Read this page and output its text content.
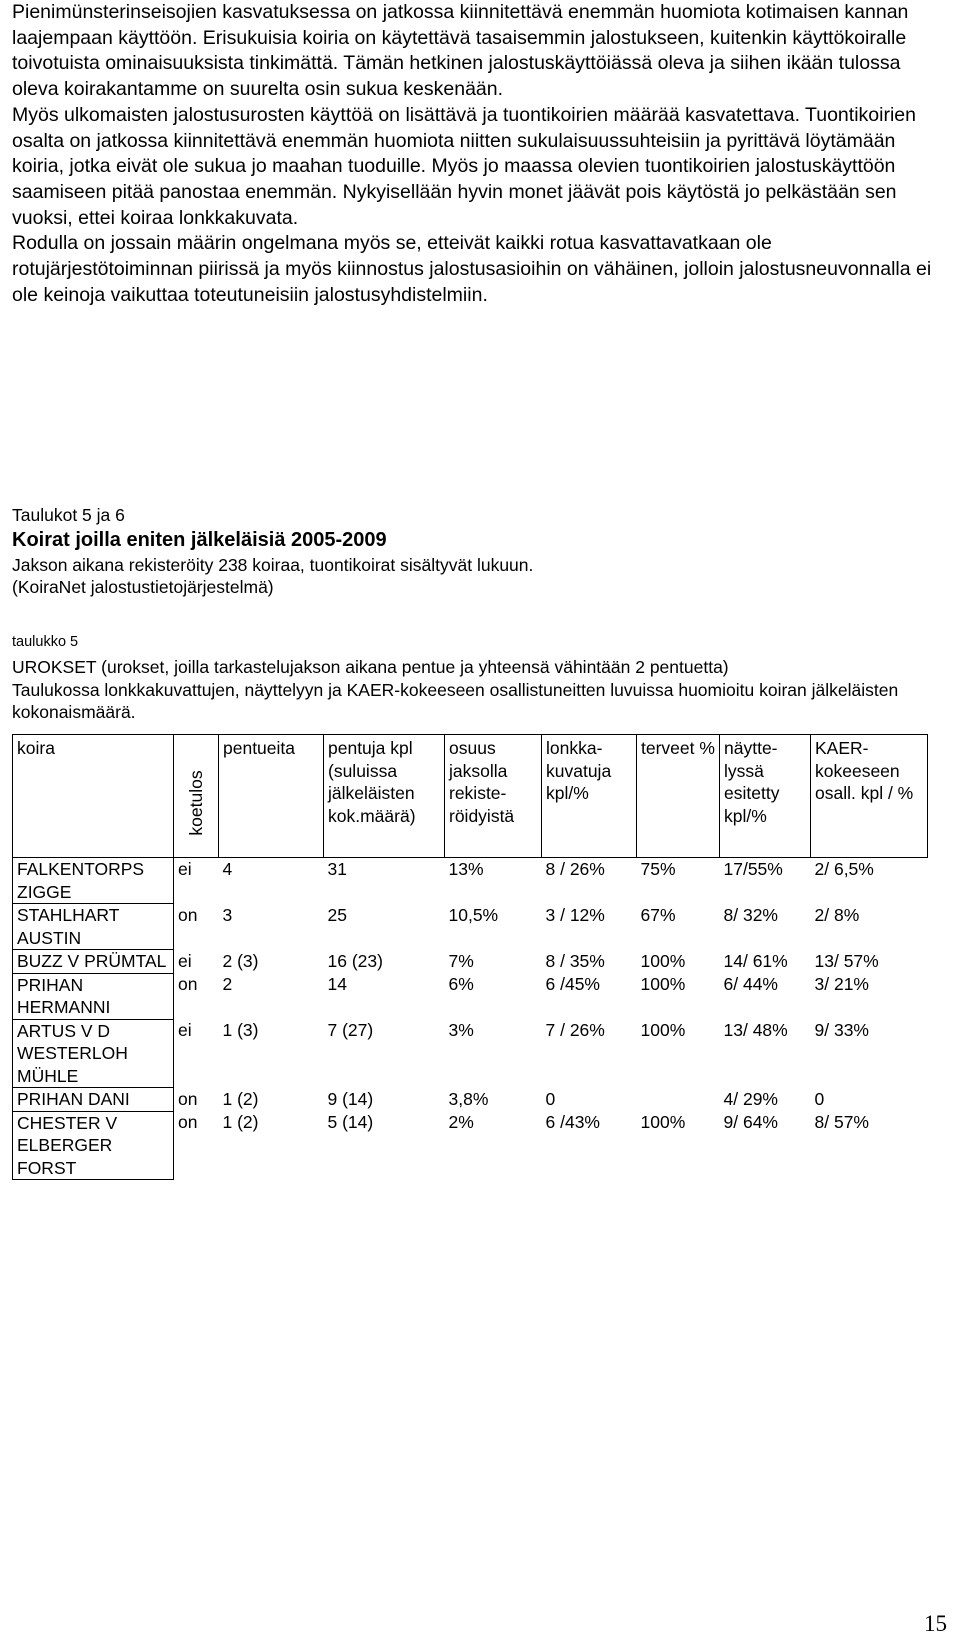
Pienimünsterinseisojien kasvatuksessa on jatkossa kiinnitettävä enemmän huomiota kotimaisen kannan laajempaan käyttöön. Erisukuisia koiria on käytettävä tasaisemmin jalostukseen, kuitenkin käyttökoiralle toivotuista ominaisuuksista tinkimättä. Tämän hetkinen jalostuskäyttöiässä oleva ja siihen ikään tulossa oleva koirakantamme on suurelta osin sukua keskenään.

Myös ulkomaisten jalostusurosten käyttöä on lisättävä ja tuontikoirien määrää kasvatettava. Tuontikoirien osalta on jatkossa kiinnitettävä enemmän huomiota niitten sukulaisuussuhteisiin ja pyrittävä löytämään koiria, jotka eivät ole sukua jo maahan tuoduille. Myös jo maassa olevien tuontikoirien jalostuskäyttöön saamiseen pitää panostaa enemmän. Nykyisellään hyvin monet jäävät pois käytöstä jo pelkästään sen vuoksi, ettei koiraa lonkkakuvata.

Rodulla on jossain määrin ongelmana myös se, etteivät kaikki rotua kasvattavatkaan ole rotujärjestötoiminnan piirissä ja myös kiinnostus jalostusasioihin on vähäinen, jolloin jalostusneuvonnalla ei ole keinoja vaikuttaa toteutuneisiin jalostusyhdistelmiin.

Taulukot 5 ja 6
Koirat joilla eniten jälkeläisiä 2005-2009
Jakson aikana rekisteröity 238 koiraa, tuontikoirat sisältyvät lukuun.
(KoiraNet jalostustietojärjestelmä)
taulukko 5
UROKSET (urokset, joilla tarkastelujakson aikana pentue ja yhteensä vähintään 2 pentuetta)
Taulukossa lonkkakuvattujen, näyttelyyn ja KAER-kokeeseen osallistuneitten luvuissa huomioitu koiran jälkeläisten kokonaismäärä.
koira	koetulos	pentueita	pentuja kpl (suluissa jälkeläisten kok.määrä)	osuus jaksolla rekiste-röidyistä	lonkka-kuvatuja kpl/%	terveet %	näytte-lyssä esitetty kpl/%	KAER-kokeeseen osall. kpl / %
FALKENTORPS ZIGGE	ei	4	31	13%	8 / 26%	75%	17/55%	2/ 6,5%
STAHLHART AUSTIN	on	3	25	10,5%	3 / 12%	67%	8/ 32%	2/ 8%
BUZZ V PRÜMTAL	ei	2 (3)	16 (23)	7%	8 / 35%	100%	14/ 61%	13/ 57%
PRIHAN HERMANNI	on	2	14	6%	6 /45%	100%	6/ 44%	3/ 21%
ARTUS V D WESTERLOH MÜHLE	ei	1 (3)	7 (27)	3%	7 / 26%	100%	13/ 48%	9/ 33%
PRIHAN DANI	on	1 (2)	9 (14)	3,8%	0		4/ 29%	0
CHESTER V ELBERGER FORST	on	1 (2)	5 (14)	2%	6 /43%	100%	9/ 64%	8/ 57%
15
